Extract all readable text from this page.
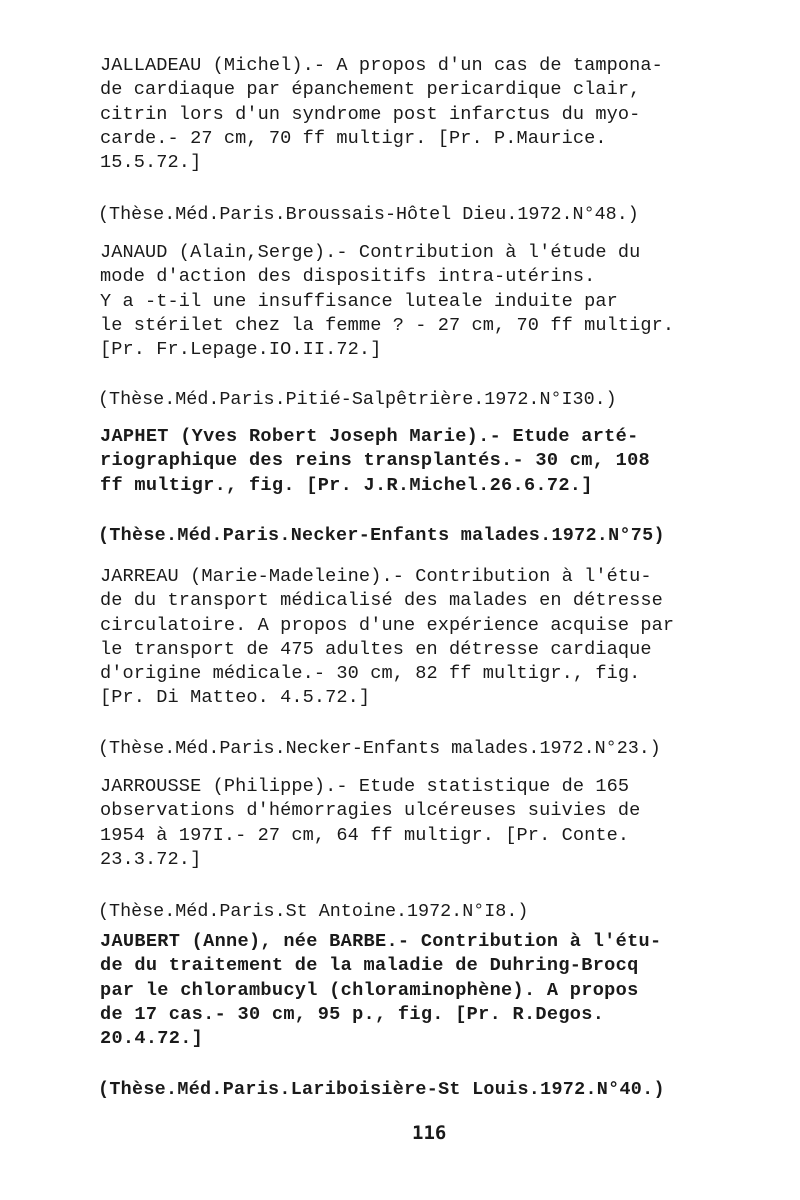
JALLADEAU (Michel).- A propos d'un cas de tampona-
de cardiaque par épanchement pericardique clair,
citrin lors d'un syndrome post infarctus du myo-
carde.- 27 cm, 70 ff multigr. [Pr. P.Maurice.
15.5.72.]
(Thèse.Méd.Paris.Broussais-Hôtel Dieu.1972.N°48.)
JANAUD (Alain,Serge).- Contribution à l'étude du
mode d'action des dispositifs intra-utérins.
Y a -t-il une insuffisance luteale induite par
le stérilet chez la femme ? - 27 cm, 70 ff multigr.
[Pr. Fr.Lepage.IO.II.72.]
(Thèse.Méd.Paris.Pitié-Salpêtrière.1972.N°I30.)
JAPHET (Yves Robert Joseph Marie).- Etude arté-
riographique des reins transplantés.- 30 cm, 108
ff multigr., fig. [Pr. J.R.Michel.26.6.72.]
(Thèse.Méd.Paris.Necker-Enfants malades.1972.N°75)
JARREAU (Marie-Madeleine).- Contribution à l'étu-
de du transport médicalisé des malades en détresse
circulatoire. A propos d'une expérience acquise par
le transport de 475 adultes en détresse cardiaque
d'origine médicale.- 30 cm, 82 ff multigr., fig.
[Pr. Di Matteo. 4.5.72.]
(Thèse.Méd.Paris.Necker-Enfants malades.1972.N°23.)
JARROUSSE (Philippe).- Etude statistique de 165
observations d'hémorragies ulcéreuses suivies de
1954 à 197I.- 27 cm, 64 ff multigr. [Pr. Conte.
23.3.72.]
(Thèse.Méd.Paris.St Antoine.1972.N°I8.)
JAUBERT (Anne), née BARBE.- Contribution à l'étu-
de du traitement de la maladie de Duhring-Brocq
par le chlorambucyl (chloraminophène). A propos
de 17 cas.- 30 cm, 95 p., fig. [Pr. R.Degos.
20.4.72.]
(Thèse.Méd.Paris.Lariboisière-St Louis.1972.N°40.)
116
